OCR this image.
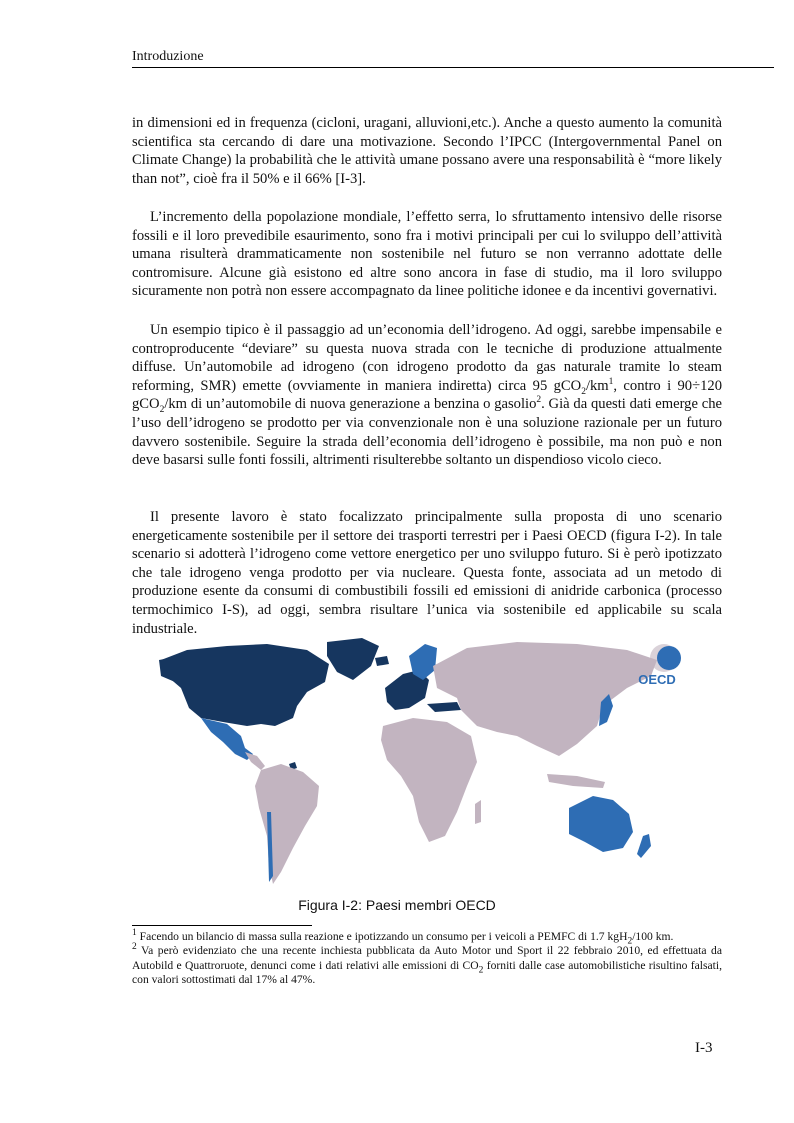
Introduzione

in dimensioni ed in frequenza (cicloni, uragani, alluvioni,etc.). Anche a questo aumento la comunità scientifica sta cercando di dare una motivazione. Secondo l’IPCC (Intergovernmental Panel on Climate Change) la probabilità che le attività umane possano avere una responsabilità è “more likely than not”, cioè fra il 50% e il 66% [I-3].

L’incremento della popolazione mondiale, l’effetto serra, lo sfruttamento intensivo delle risorse fossili e il loro prevedibile esaurimento, sono fra i motivi principali per cui lo sviluppo dell’attività umana risulterà drammaticamente non sostenibile nel futuro se non verranno adottate delle contromisure. Alcune già esistono ed altre sono ancora in fase di studio, ma il loro sviluppo sicuramente non potrà non essere accompagnato da linee politiche idonee e da incentivi governativi.

Un esempio tipico è il passaggio ad un’economia dell’idrogeno. Ad oggi, sarebbe impensabile e controproducente “deviare” su questa nuova strada con le tecniche di produzione attualmente diffuse. Un’automobile ad idrogeno (con idrogeno prodotto da gas naturale tramite lo steam reforming, SMR) emette (ovviamente in maniera indiretta) circa 95 $gCO_2/km^1$, contro i 90÷120 gCO$_2$/km di un’automobile di nuova generazione a benzina o gasolio$^2$. Già da questi dati emerge che l’uso dell’idrogeno se prodotto per via convenzionale non è una soluzione razionale per un futuro davvero sostenibile. Seguire la strada dell’economia dell’idrogeno è possibile, ma non può e non deve basarsi sulle fonti fossili, altrimenti risulterebbe soltanto un dispendioso vicolo cieco.

Il presente lavoro è stato focalizzato principalmente sulla proposta di uno scenario energeticamente sostenibile per il settore dei trasporti terrestri per i Paesi OECD (figura I-2). In tale scenario si adotterà l’idrogeno come vettore energetico per uno sviluppo futuro. Si è però ipotizzato che tale idrogeno venga prodotto per via nucleare. Questa fonte, associata ad un metodo di produzione esente da consumi di combustibili fossili ed emissioni di anidride carbonica (processo termochimico I-S), ad oggi, sembra risultare l’unica via sostenibile ed applicabile su scala industriale.

OECD
Figura I-2: Paesi membri OECD

$^1$ Facendo un bilancio di massa sulla reazione e ipotizzando un consumo per i veicoli a PEMFC di 1.7 kgH$_2$/100 km.

$^2$ Va però evidenziato che una recente inchiesta pubblicata da Auto Motor und Sport il 22 febbraio 2010, ed effettuata da Autobild e Quattroruote, denunci come i dati relativi alle emissioni di $CO_2$ forniti dalle case automobilistiche risultino falsati, con valori sottostimati dal 17% al 47%.

I-3
